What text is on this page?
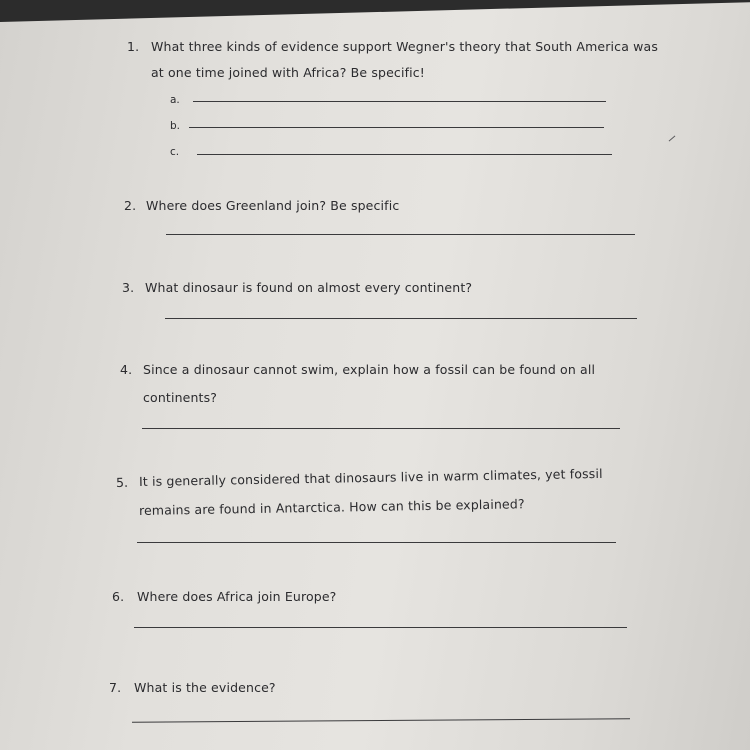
1. What three kinds of evidence support Wegner's theory that South America was
at one time joined with Africa? Be specific!
a.
b.
c.
2. Where does Greenland join? Be specific
3. What dinosaur is found on almost every continent?
4. Since a dinosaur cannot swim, explain how a fossil can be found on all
continents?
5. It is generally considered that dinosaurs live in warm climates, yet fossil
remains are found in Antarctica. How can this be explained?
6. Where does Africa join Europe?
7. What is the evidence?
